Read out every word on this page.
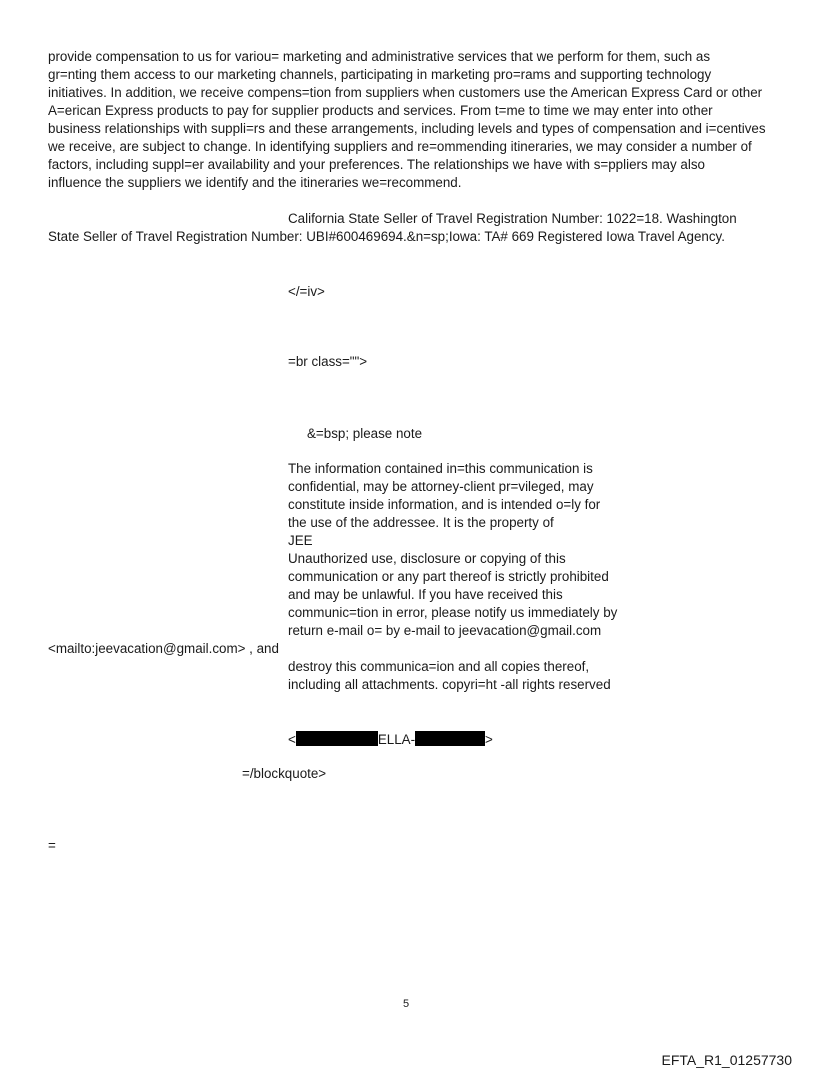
provide compensation to us for variou= marketing and administrative services that we perform for them, such as
gr=nting them access to our marketing channels, participating in marketing pro=rams and supporting technology
initiatives. In addition, we receive compens=tion from suppliers when customers use the American Express Card or other
A=erican Express products to pay for supplier products and services. From t=me to time we may enter into other
business relationships with suppli=rs and these arrangements, including levels and types of compensation and i=centives
we receive, are subject to change. In identifying suppliers and re=ommending itineraries, we may consider a number of
factors, including suppl=er availability and your preferences. The relationships we have with s=ppliers may also
influence the suppliers we identify and the itineraries we=recommend.
California State Seller of Travel Registration Number: 1022=18. Washington
State Seller of Travel Registration Number: UBI#600469694.&n=sp;Iowa: TA# 669 Registered Iowa Travel Agency.
</=iv>
=br class="">
&=bsp; please note
The information contained in=this communication is
confidential, may be attorney-client pr=vileged, may
constitute inside information, and is intended o=ly for
the use of the addressee. It is the property of
JEE
Unauthorized use, disclosure or copying of this
communication or any part thereof is strictly prohibited
and may be unlawful. If you have received this
communic=tion in error, please notify us immediately by
return e-mail o= by e-mail to jeevacation@gmail.com
<mailto:jeevacation@gmail.com> , and
destroy this communica=ion and all copies thereof,
including all attachments. copyri=ht -all rights reserved
<	ELLA-	>
=/blockquote>
=
5
EFTA_R1_01257730
